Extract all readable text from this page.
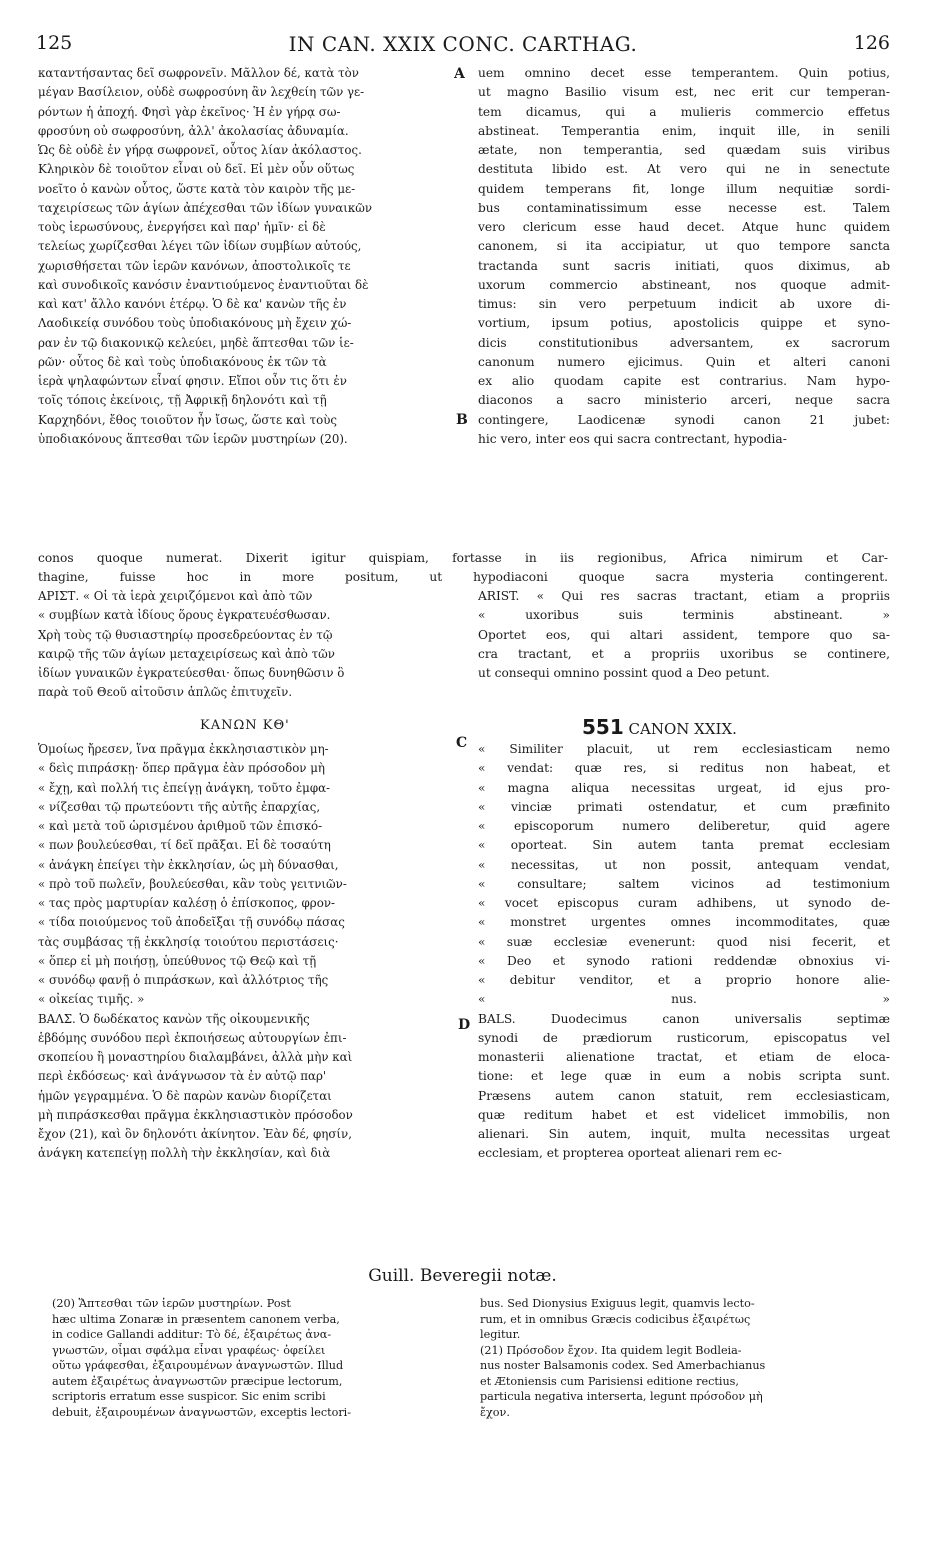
125	IN CAN. XXIX CONC. CARTHAG.	126
καταντήσαντας δεῖ σωφρονεῖν. Μᾶλλον δέ, κατὰ τὸν
μέγαν Βασίλειον, οὐδὲ σωφροσύνη ἂν λεχθείη τῶν γε-
ρόντων ἡ ἀποχή. Φησὶ γὰρ ἐκεῖνος· Ἡ ἐν γήρᾳ σω-
φροσύνη οὐ σωφροσύνη, ἀλλ' ἀκολασίας ἀδυναμία.
Ὡς δὲ οὐδὲ ἐν γήρᾳ σωφρονεῖ, οὗτος λίαν ἀκόλαστος.
Κληρικὸν δὲ τοιοῦτον εἶναι οὐ δεῖ. Εἰ μὲν οὖν οὕτως
νοεῖτο ὁ κανὼν οὗτος, ὥστε κατὰ τὸν καιρὸν τῆς με-
ταχειρίσεως τῶν ἁγίων ἀπέχεσθαι τῶν ἰδίων γυναικῶν
τοὺς ἱερωσύνους, ἐνεργήσει καὶ παρ' ἡμῖν· εἰ δὲ
τελείως χωρίζεσθαι λέγει τῶν ἰδίων συμβίων αὐτούς,
χωρισθήσεται τῶν ἱερῶν κανόνων, ἀποστολικοῖς τε
καὶ συνοδικοῖς κανόσιν ἐναντιούμενος ἐναντιοῦται δὲ
καὶ κατ' ἄλλο κανόνι ἑτέρῳ. Ὁ δὲ κα' κανὼν τῆς ἐν
Λαοδικείᾳ συνόδου τοὺς ὑποδιακόνους μὴ ἔχειν χώ-
ραν ἐν τῷ διακονικῷ κελεύει, μηδὲ ἅπτεσθαι τῶν ἱε-
ρῶν· οὗτος δὲ καὶ τοὺς ὑποδιακόνους ἐκ τῶν τὰ
ἱερὰ ψηλαφώντων εἶναί φησιν. Εἴποι οὖν τις ὅτι ἐν
τοῖς τόποις ἐκείνοις, τῇ Ἀφρικῇ δηλονότι καὶ τῇ
Καρχηδόνι, ἔθος τοιοῦτον ἦν ἴσως, ὥστε καὶ τοὺς
ὑποδιακόνους ἅπτεσθαι τῶν ἱερῶν μυστηρίων (20).
uem omnino decet esse temperantem. Quin potius,
ut magno Basilio visum est, nec erit cur temperan-
tem dicamus, qui a mulieris commercio effetus
abstineat. Temperantia enim, inquit ille, in senili
ætate, non temperantia, sed quædam suis viribus
destituta libido est. At vero qui ne in senectute
quidem temperans fit, longe illum nequitiæ sordi-
bus contaminatissimum esse necesse est. Talem
vero clericum esse haud decet. Atque hunc quidem
canonem, si ita accipiatur, ut quo tempore sancta
tractanda sunt sacris initiati, quos diximus, ab
uxorum commercio abstineant, nos quoque admit-
timus: sin vero perpetuum indicit ab uxore di-
vortium, ipsum potius, apostolicis quippe et syno-
dicis constitutionibus adversantem, ex sacrorum
canonum numero ejicimus. Quin et alteri canoni
ex alio quodam capite est contrarius. Nam hypo-
diaconos a sacro ministerio arceri, neque sacra
contingere, Laodicenæ synodi canon 21 jubet:
hic vero, inter eos qui sacra contrectant, hypodia-
A
B
conos quoque numerat. Dixerit igitur quispiam, fortasse in iis regionibus, Africa nimirum et Car-
thagine, fuisse hoc in more positum, ut hypodiaconi quoque sacra mysteria contingerent.
ΑΡΙΣΤ. « Οἱ τὰ ἱερὰ χειριζόμενοι καὶ ἀπὸ τῶν
« συμβίων κατὰ ἰδίους ὅρους ἐγκρατευέσθωσαν.
Χρὴ τοὺς τῷ θυσιαστηρίῳ προσεδρεύοντας ἐν τῷ
καιρῷ τῆς τῶν ἁγίων μεταχειρίσεως καὶ ἀπὸ τῶν
ἰδίων γυναικῶν ἐγκρατεύεσθαι· ὅπως δυνηθῶσιν ὃ
παρὰ τοῦ Θεοῦ αἰτοῦσιν ἁπλῶς ἐπιτυχεῖν.
ARIST. « Qui res sacras tractant, etiam a propriis
« uxoribus suis terminis abstineant. »
Oportet eos, qui altari assident, tempore quo sa-
cra tractant, et a propriis uxoribus se continere,
ut consequi omnino possint quod a Deo petunt.
ΚΑΝΩΝ ΚΘ'	551 CANON XXIX.
C
Ὁμοίως ἤρεσεν, ἵνα πρᾶγμα ἐκκλησιαστικὸν μη-
« δεὶς πιπράσκῃ· ὅπερ πρᾶγμα ἐὰν πρόσοδον μὴ
« ἔχῃ, καὶ πολλή τις ἐπείγῃ ἀνάγκη, τοῦτο ἐμφα-
« νίζεσθαι τῷ πρωτεύοντι τῆς αὐτῆς ἐπαρχίας,
« καὶ μετὰ τοῦ ὡρισμένου ἀριθμοῦ τῶν ἐπισκό-
« πων βουλεύεσθαι, τί δεῖ πρᾶξαι. Εἰ δὲ τοσαύτη
« ἀνάγκη ἐπείγει τὴν ἐκκλησίαν, ὡς μὴ δύνασθαι,
« πρὸ τοῦ πωλεῖν, βουλεύεσθαι, κἂν τοὺς γειτνιῶν-
« τας πρὸς μαρτυρίαν καλέσῃ ὁ ἐπίσκοπος, φρον-
« τίδα ποιούμενος τοῦ ἀποδεῖξαι τῇ συνόδῳ πάσας
τὰς συμβάσας τῇ ἐκκλησίᾳ τοιούτου περιστάσεις·
« ὅπερ εἰ μὴ ποιήσῃ, ὑπεύθυνος τῷ Θεῷ καὶ τῇ
« συνόδῳ φανῇ ὁ πιπράσκων, καὶ ἀλλότριος τῆς
« οἰκείας τιμῆς. »
ΒΑΛΣ. Ὁ δωδέκατος κανὼν τῆς οἰκουμενικῆς
ἑβδόμης συνόδου περὶ ἐκποιήσεως αὐτουργίων ἐπι-
σκοπείου ἢ μοναστηρίου διαλαμβάνει, ἀλλὰ μὴν καὶ
περὶ ἐκδόσεως· καὶ ἀνάγνωσον τὰ ἐν αὐτῷ παρ'
ἡμῶν γεγραμμένα. Ὁ δὲ παρὼν κανὼν διορίζεται
μὴ πιπράσκεσθαι πρᾶγμα ἐκκλησιαστικὸν πρόσοδον
ἔχον (21), καὶ ὃν δηλονότι ἀκίνητον. Ἐὰν δέ, φησίν,
ἀνάγκη κατεπείγῃ πολλὴ τὴν ἐκκλησίαν, καὶ διὰ
« Similiter placuit, ut rem ecclesiasticam nemo
« vendat: quæ res, si reditus non habeat, et
« magna aliqua necessitas urgeat, id ejus pro-
« vinciæ primati ostendatur, et cum præfinito
« episcoporum numero deliberetur, quid agere
« oporteat. Sin autem tanta premat ecclesiam
« necessitas, ut non possit, antequam vendat,
« consultare; saltem vicinos ad testimonium
« vocet episcopus curam adhibens, ut synodo de-
« monstret urgentes omnes incommoditates, quæ
« suæ ecclesiæ evenerunt: quod nisi fecerit, et
« Deo et synodo rationi reddendæ obnoxius vi-
« debitur venditor, et a proprio honore alie-
« nus. »
BALS. Duodecimus canon universalis septimæ
synodi de prædiorum rusticorum, episcopatus vel
monasterii alienatione tractat, et etiam de eloca-
tione: et lege quæ in eum a nobis scripta sunt.
Præsens autem canon statuit, rem ecclesiasticam,
quæ reditum habet et est videlicet immobilis, non
alienari. Sin autem, inquit, multa necessitas urgeat
ecclesiam, et propterea oporteat alienari rem ec-
D
Guill. Beveregii notæ.
(20) Ἅπτεσθαι τῶν ἱερῶν μυστηρίων. Post
hæc ultima Zonaræ in præsentem canonem verba,
in codice Gallandi additur: Τὸ δέ, ἐξαιρέτως ἀνα-
γνωστῶν, οἶμαι σφάλμα εἶναι γραφέως· ὀφείλει
οὕτω γράφεσθαι, ἐξαιρουμένων ἀναγνωστῶν. Illud
autem ἐξαιρέτως ἀναγνωστῶν præcipue lectorum,
scriptoris erratum esse suspicor. Sic enim scribi
debuit, ἐξαιρουμένων ἀναγνωστῶν, exceptis lectori-
bus. Sed Dionysius Exiguus legit, quamvis lecto-
rum, et in omnibus Græcis codicibus ἐξαιρέτως
legitur.
(21) Πρόσοδον ἔχον. Ita quidem legit Bodleia-
nus noster Balsamonis codex. Sed Amerbachianus
et Ætoniensis cum Parisiensi editione rectius,
particula negativa interserta, legunt πρόσοδον μὴ
ἔχον.
